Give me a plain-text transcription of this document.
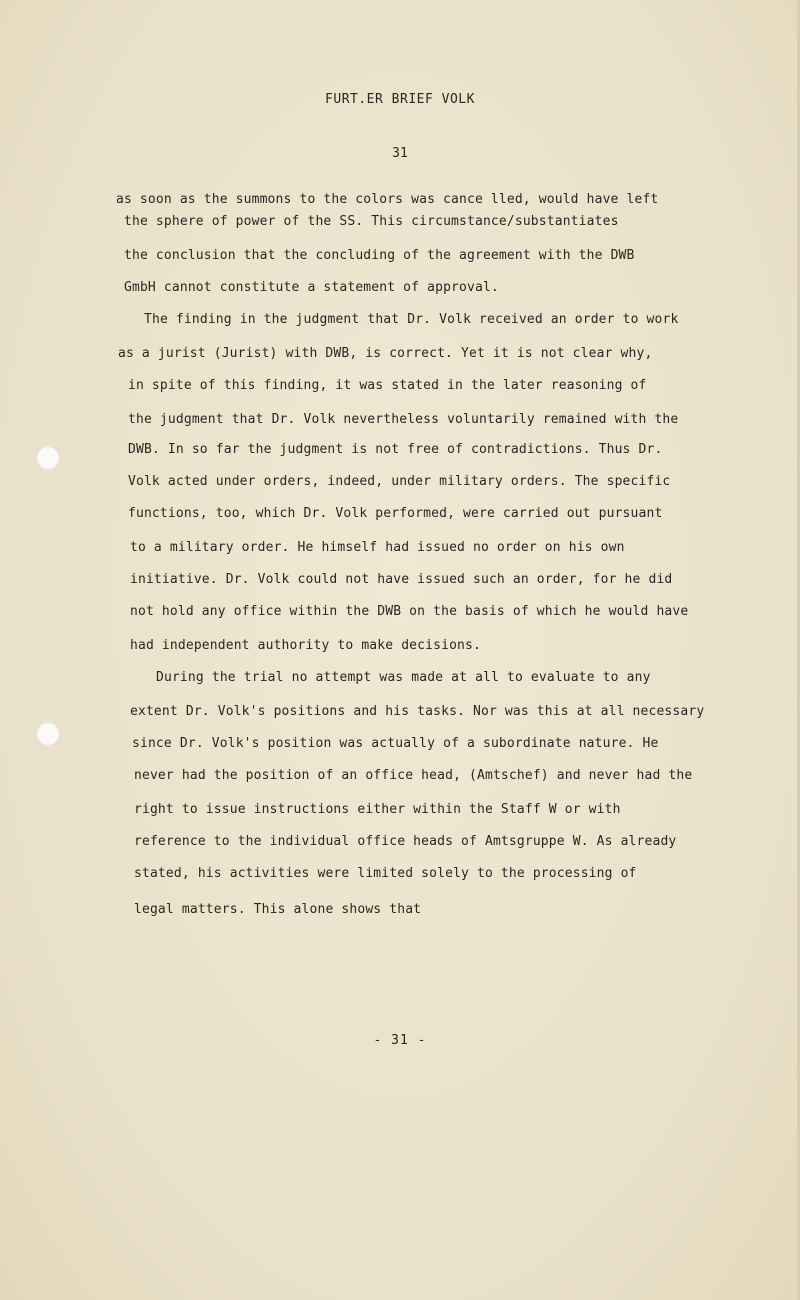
FURT.ER BRIEF VOLK
31
as soon as the summons to the colors was cance lled, would have left
the sphere of power of the SS. This circumstance/substantiates
the conclusion that the concluding of the agreement with the DWB
GmbH cannot constitute a statement of approval.
The finding in the judgment that Dr. Volk received an order to work
as a jurist (Jurist) with DWB, is correct. Yet it is not clear why,
in spite of this finding, it was stated in the later reasoning of
the judgment that Dr. Volk nevertheless voluntarily remained with the
DWB. In so far the judgment is not free of contradictions. Thus Dr.
Volk acted under orders, indeed, under military orders. The specific
functions, too, which Dr. Volk performed, were carried out pursuant
to a military order. He himself had issued no order on his own
initiative. Dr. Volk could not have issued such an order, for he did
not hold any office within the DWB on the basis of which he would have
had independent authority to make decisions.
During the trial no attempt was made at all to evaluate to any
extent Dr. Volk's positions and his tasks. Nor was this at all necessary
since Dr. Volk's position was actually of a subordinate nature. He
never had the position of an office head, (Amtschef) and never had the
right to issue instructions either within the Staff W or with
reference to the individual office heads of Amtsgruppe W. As already
stated, his activities were limited solely to the processing of
legal matters. This alone shows that
- 31 -
